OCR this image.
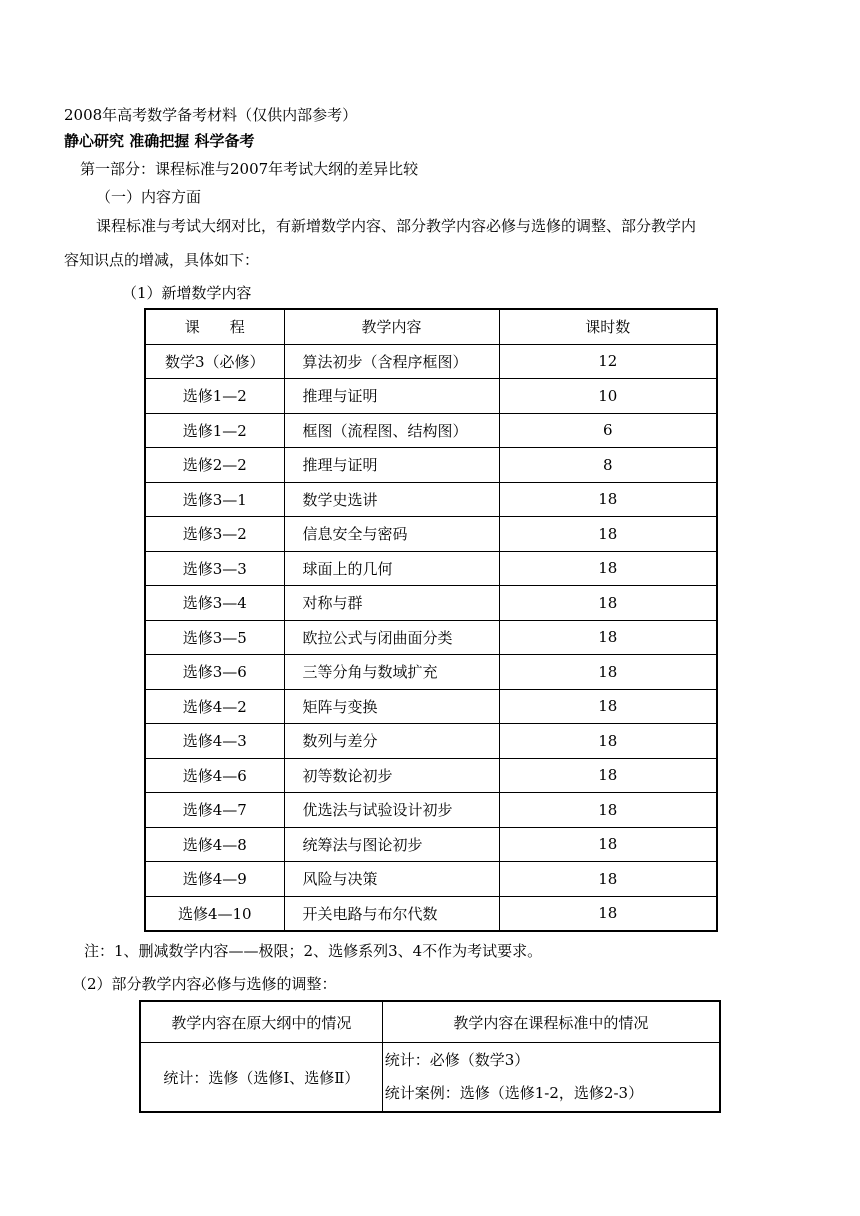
2008年高考数学备考材料（仅供内部参考）
静心研究 准确把握 科学备考
第一部分：课程标准与2007年考试大纲的差异比较
（一）内容方面
课程标准与考试大纲对比，有新增数学内容、部分教学内容必修与选修的调整、部分教学内
容知识点的增减，具体如下：
（1）新增数学内容
课　　程	教学内容	课时数
数学3（必修）	算法初步（含程序框图）	12
选修1—2	推理与证明	10
选修1—2	框图（流程图、结构图）	6
选修2—2	推理与证明	8
选修3—1	数学史选讲	18
选修3—2	信息安全与密码	18
选修3—3	球面上的几何	18
选修3—4	对称与群	18
选修3—5	欧拉公式与闭曲面分类	18
选修3—6	三等分角与数域扩充	18
选修4—2	矩阵与变换	18
选修4—3	数列与差分	18
选修4—6	初等数论初步	18
选修4—7	优选法与试验设计初步	18
选修4—8	统筹法与图论初步	18
选修4—9	风险与决策	18
选修4—10	开关电路与布尔代数	18
注：1、删减数学内容——极限；2、选修系列3、4不作为考试要求。
（2）部分教学内容必修与选修的调整：
教学内容在原大纲中的情况	教学内容在课程标准中的情况
统计：选修（选修Ⅰ、选修Ⅱ）	统计：必修（数学3）
统计案例：选修（选修1-2，选修2-3）
